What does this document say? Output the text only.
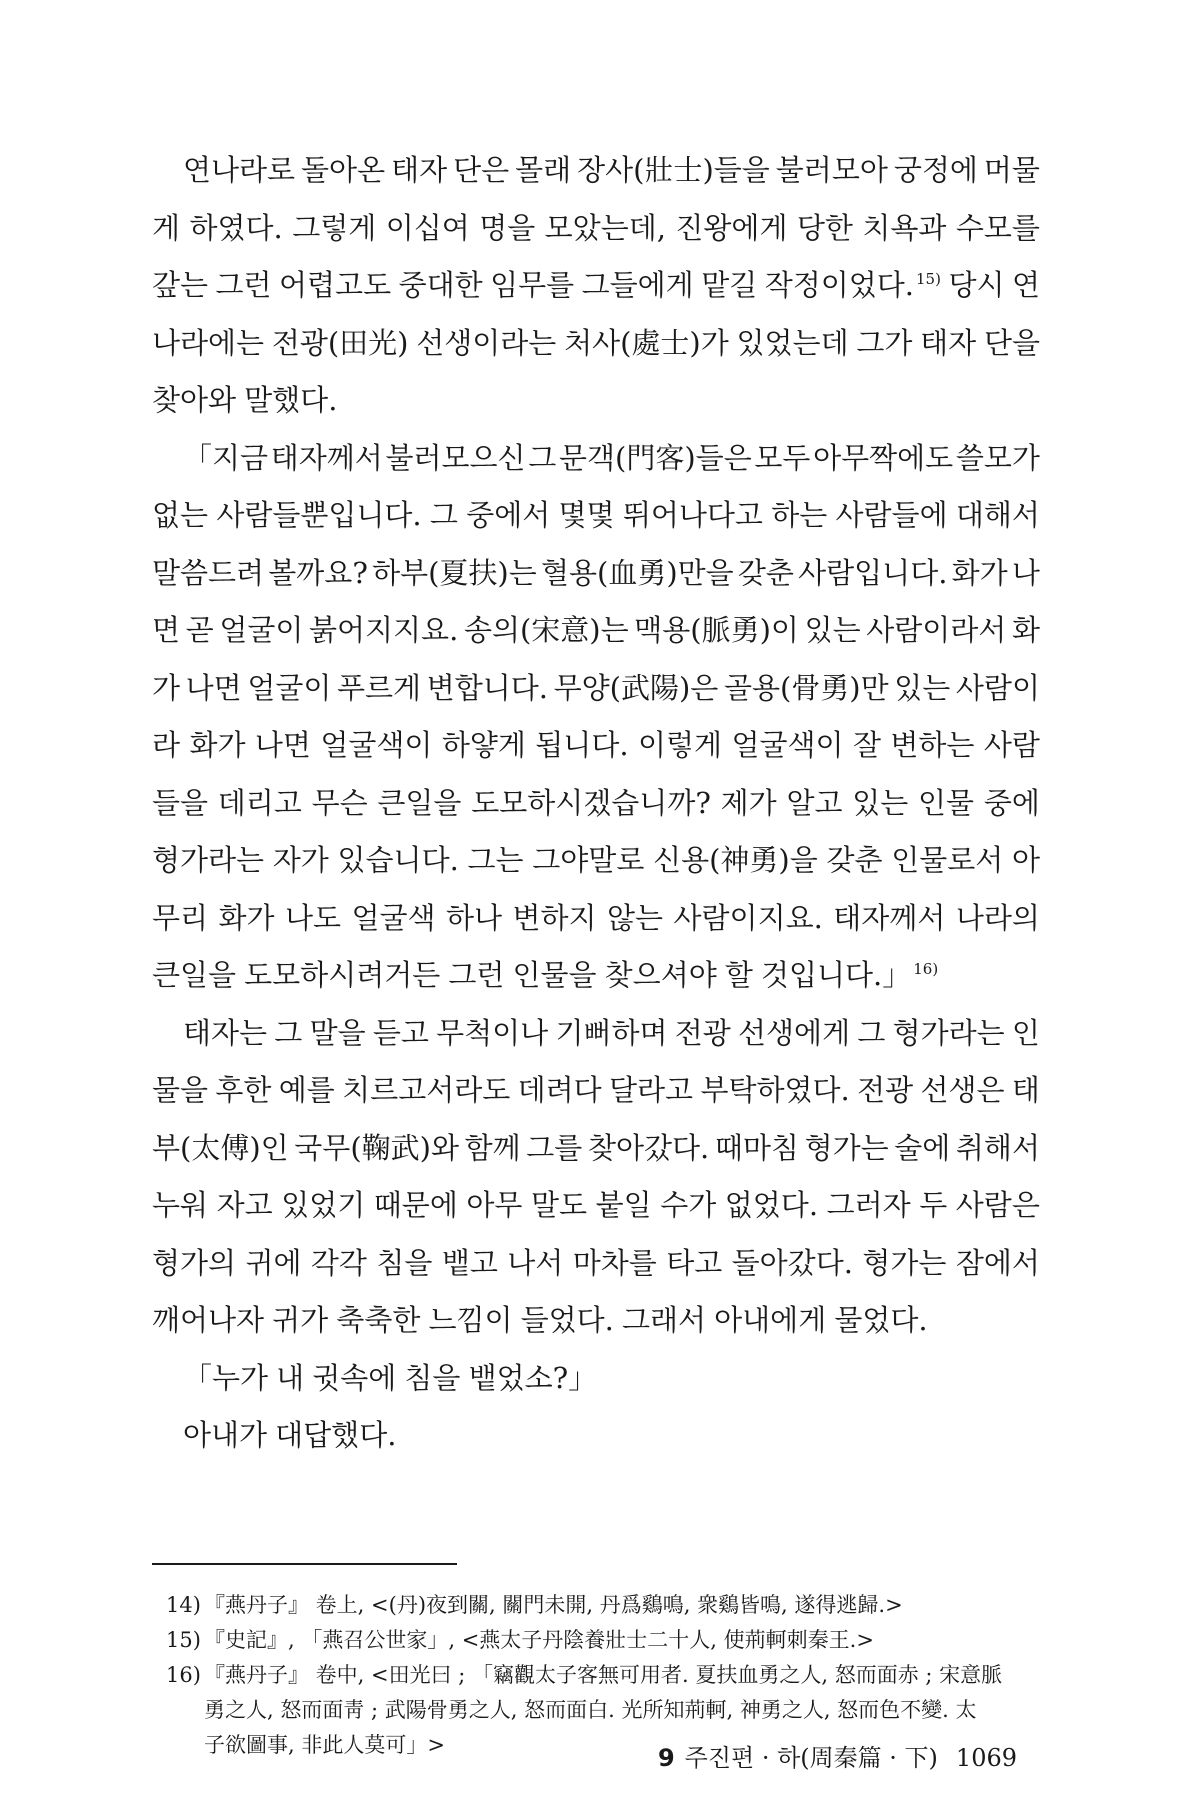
연나라로 돌아온 태자 단은 몰래 장사(壯士)들을 불러모아 궁정에 머물
게 하였다. 그렇게 이십여 명을 모았는데, 진왕에게 당한 치욕과 수모를
갚는 그런 어렵고도 중대한 임무를 그들에게 맡길 작정이었다. $^{15)}$ 당시 연
나라에는 전광(田光) 선생이라는 처사(處士)가 있었는데 그가 태자 단을
찾아와 말했다.
「지금 태자께서 불러모으신 그 문객(門客)들은 모두 아무짝에도 쓸모가
없는 사람들뿐입니다. 그 중에서 몇몇 뛰어나다고 하는 사람들에 대해서
말씀드려 볼까요? 하부(夏扶)는 혈용(血勇)만을 갖춘 사람입니다. 화가 나
면 곧 얼굴이 붉어지지요. 송의(宋意)는 맥용(脈勇)이 있는 사람이라서 화
가 나면 얼굴이 푸르게 변합니다. 무양(武陽)은 골용(骨勇)만 있는 사람이
라 화가 나면 얼굴색이 하얗게 됩니다. 이렇게 얼굴색이 잘 변하는 사람
들을 데리고 무슨 큰일을 도모하시겠습니까? 제가 알고 있는 인물 중에
형가라는 자가 있습니다. 그는 그야말로 신용(神勇)을 갖춘 인물로서 아
무리 화가 나도 얼굴색 하나 변하지 않는 사람이지요. 태자께서 나라의
큰일을 도모하시려거든 그런 인물을 찾으셔야 할 것입니다.」 $^{16)}$
태자는 그 말을 듣고 무척이나 기뻐하며 전광 선생에게 그 형가라는 인
물을 후한 예를 치르고서라도 데려다 달라고 부탁하였다. 전광 선생은 태
부(太傅)인 국무(鞠武)와 함께 그를 찾아갔다. 때마침 형가는 술에 취해서
누워 자고 있었기 때문에 아무 말도 붙일 수가 없었다. 그러자 두 사람은
형가의 귀에 각각 침을 뱉고 나서 마차를 타고 돌아갔다. 형가는 잠에서
깨어나자 귀가 축축한 느낌이 들었다. 그래서 아내에게 물었다.
「누가 내 귓속에 침을 뱉었소?」
아내가 대답했다.
14) 『燕丹子』 卷上, <(丹)夜到關, 關門未開, 丹爲鷄鳴, 衆鷄皆鳴, 遂得逃歸.>
15) 『史記』, 「燕召公世家」, <燕太子丹陰養壯士二十人, 使荊軻刺秦王.>
16) 『燕丹子』 卷中, <田光曰 ; 「竊觀太子客無可用者. 夏扶血勇之人, 怒而面赤 ; 宋意脈
勇之人, 怒而面靑 ; 武陽骨勇之人, 怒而面白. 光所知荊軻, 神勇之人, 怒而色不變. 太
子欲圖事, 非此人莫可」>	9 주진편 · 하(周秦篇 · 下) 1069
